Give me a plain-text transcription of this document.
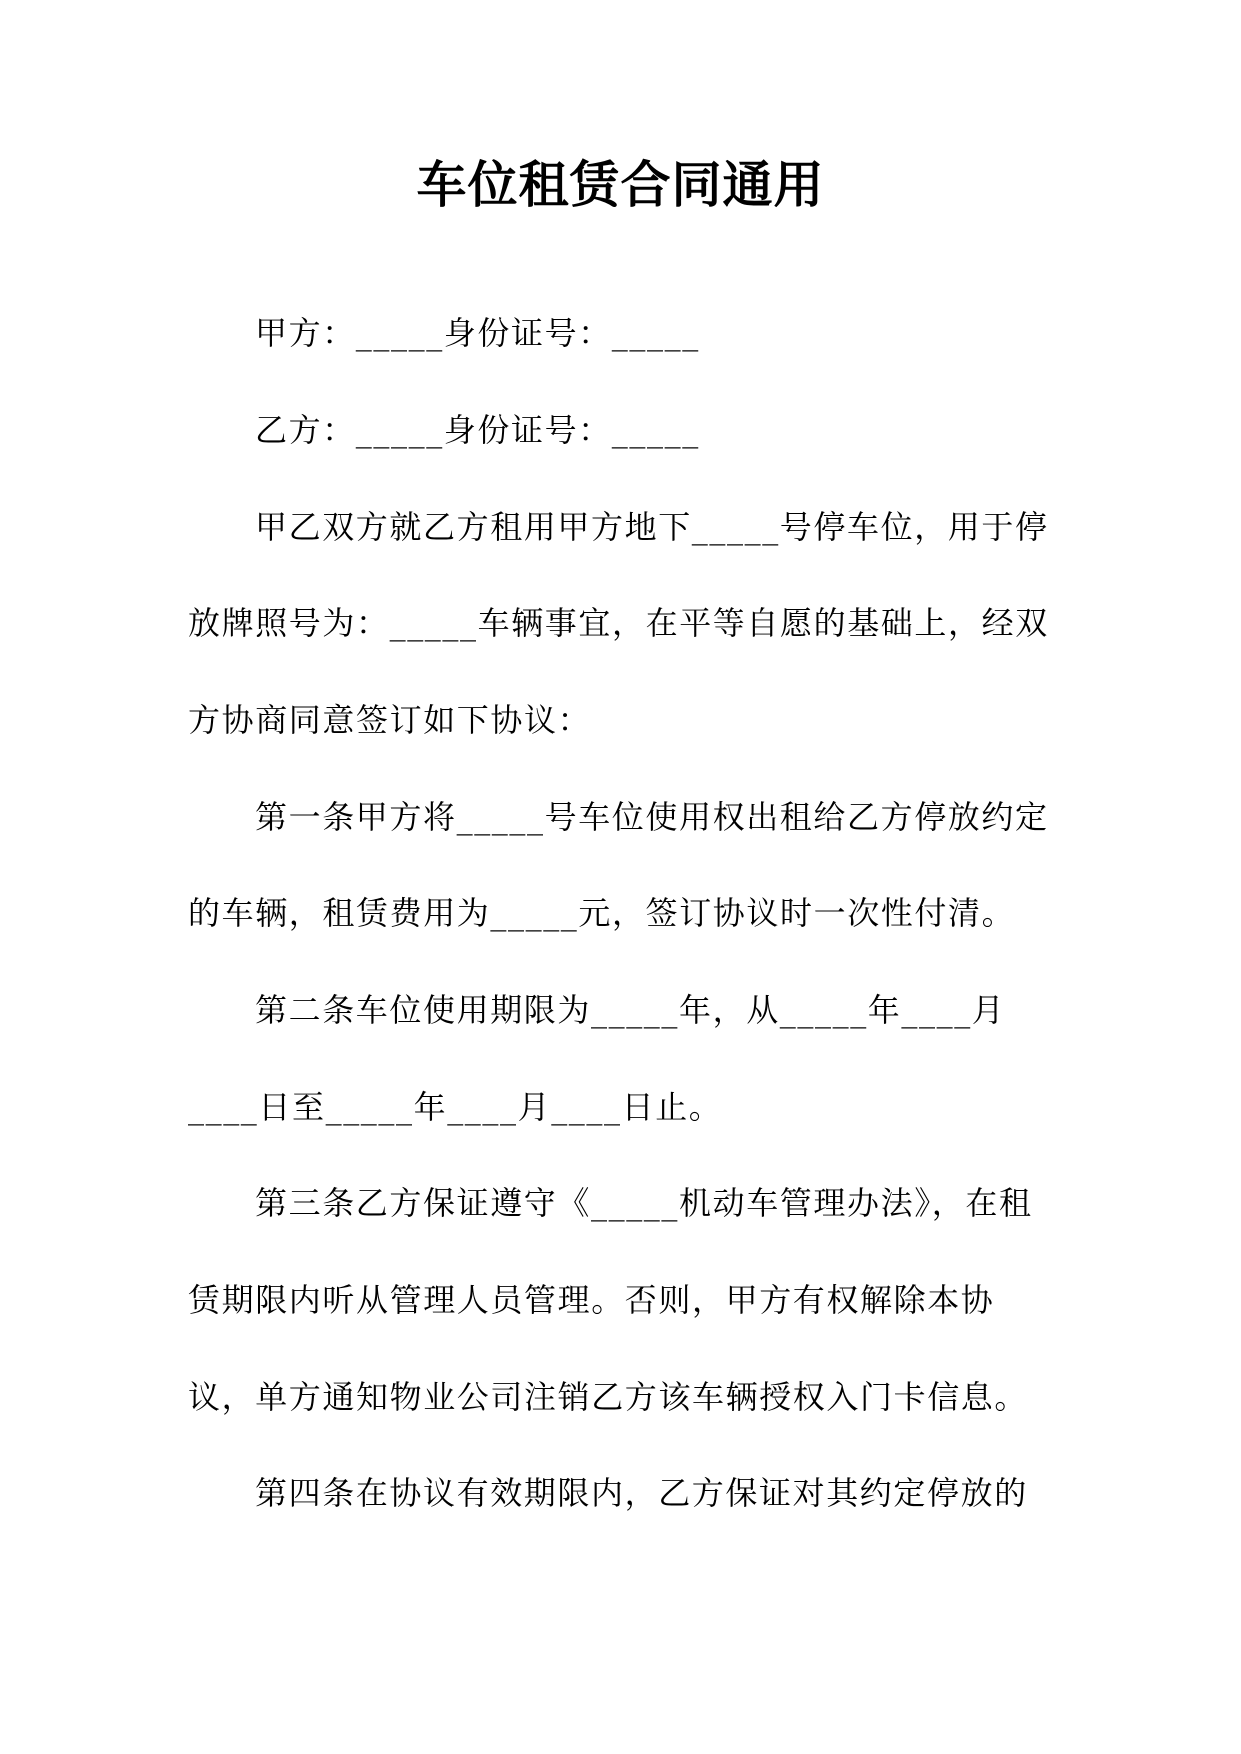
车位租赁合同通用

甲方：_____身份证号：_____

乙方：_____身份证号：_____

甲乙双方就乙方租用甲方地下_____号停车位，用于停

放牌照号为：_____车辆事宜，在平等自愿的基础上，经双

方协商同意签订如下协议：

第一条甲方将_____号车位使用权出租给乙方停放约定

的车辆，租赁费用为_____元，签订协议时一次性付清。

第二条车位使用期限为_____年，从_____年____月

____日至_____年____月____日止。

第三条乙方保证遵守《_____机动车管理办法》，在租

赁期限内听从管理人员管理。否则，甲方有权解除本协

议，单方通知物业公司注销乙方该车辆授权入门卡信息。

第四条在协议有效期限内，乙方保证对其约定停放的
